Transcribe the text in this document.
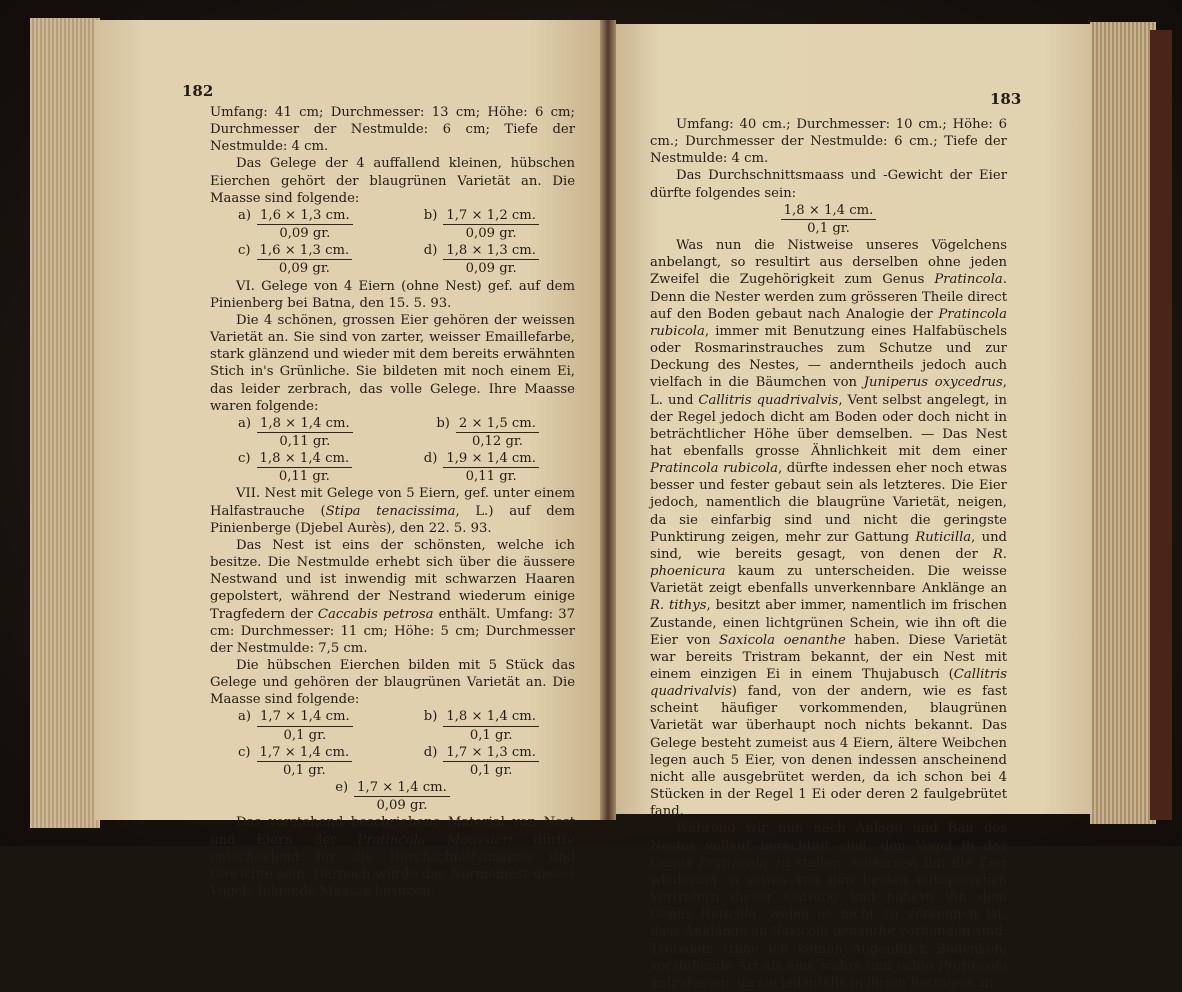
182	183

Umfang: 41 cm; Durchmesser: 13 cm; Höhe: 6 cm; Durchmesser der Nestmulde: 6 cm; Tiefe der Nestmulde: 4 cm.

Das Gelege der 4 auffallend kleinen, hübschen Eierchen gehört der blaugrünen Varietät an. Die Maasse sind folgende:

$a) \frac{1,6 \times 1,3 cm.}{0,09 gr.}$	$b) \frac{1,7 \times 1,2 cm.}{0,09 gr.}$
$c) \frac{1,6 \times 1,3 cm.}{0,09 gr.}$	$d) \frac{1,8 \times 1,3 cm.}{0,09 gr.}$

VI. Gelege von 4 Eiern (ohne Nest) gef. auf dem Pinienberg bei Batna, den 15. 5. 93.

Die 4 schönen, grossen Eier gehören der weissen Varietät an. Sie sind von zarter, weisser Emaillefarbe, stark glänzend und wieder mit dem bereits erwähnten Stich in's Grünliche. Sie bildeten mit noch einem Ei, das leider zerbrach, das volle Gelege. Ihre Maasse waren folgende:

$a) \frac{1,8 \times 1,4 cm.}{0,11 gr.}$	$b) \frac{2 \times 1,5 cm.}{0,12 gr.}$
$c) \frac{1,8 \times 1,4 cm.}{0,11 gr.}$	$d) \frac{1,9 \times 1,4 cm.}{0,11 gr.}$

VII. Nest mit Gelege von 5 Eiern, gef. unter einem Halfastrauche (Stipa tenacissima, L.) auf dem Pinienberge (Djebel Aurès), den 22. 5. 93.

Das Nest ist eins der schönsten, welche ich besitze. Die Nestmulde erhebt sich über die äussere Nestwand und ist inwendig mit schwarzen Haaren gepolstert, während der Nestrand wiederum einige Tragfedern der Caccabis petrosa enthält. Umfang: 37 cm: Durchmesser: 11 cm; Höhe: 5 cm; Durchmesser der Nestmulde: 7,5 cm.

Die hübschen Eierchen bilden mit 5 Stück das Gelege und gehören der blaugrünen Varietät an. Die Maasse sind folgende:

$a) \frac{1,7 \times 1,4 cm.}{0,1 gr.}$	$b) \frac{1,8 \times 1,4 cm.}{0,1 gr.}$
$c) \frac{1,7 \times 1,4 cm.}{0,1 gr.}$	$d) \frac{1,7 \times 1,3 cm.}{0,1 gr.}$
$e) \frac{1,7 \times 1,4 cm.}{0,09 gr.}$

Das vorstehend beschriebene Material von Nest und Eiern der Pratincola Moussieri dürfte entscheidend für die Durchschnittsmaasse und Gewichte sein. Darnach würde das Normalnest dieses Vogels folgende Maasse besitzen:

Umfang: 40 cm.; Durchmesser: 10 cm.; Höhe: 6 cm.; Durchmesser der Nestmulde: 6 cm.; Tiefe der Nestmulde: 4 cm.

Das Durchschnittsmaass und -Gewicht der Eier dürfte folgendes sein:

$\frac{1,8 \times 1,4 cm.}{0,1 gr.}$

Was nun die Nistweise unseres Vögelchens anbelangt, so resultirt aus derselben ohne jeden Zweifel die Zugehörigkeit zum Genus Pratincola. Denn die Nester werden zum grösseren Theile direct auf den Boden gebaut nach Analogie der Pratincola rubicola, immer mit Benutzung eines Halfabüschels oder Rosmarinstrauches zum Schutze und zur Deckung des Nestes, — anderntheils jedoch auch vielfach in die Bäumchen von Juniperus oxycedrus, L. und Callitris quadrivalvis, Vent selbst angelegt, in der Regel jedoch dicht am Boden oder doch nicht in beträchtlicher Höhe über demselben. — Das Nest hat ebenfalls grosse Ähnlichkeit mit dem einer Pratincola rubicola, dürfte indessen eher noch etwas besser und fester gebaut sein als letzteres. Die Eier jedoch, namentlich die blaugrüne Varietät, neigen, da sie einfarbig sind und nicht die geringste Punktirung zeigen, mehr zur Gattung Ruticilla, und sind, wie bereits gesagt, von denen der R. phoenicura kaum zu unterscheiden. Die weisse Varietät zeigt ebenfalls unverkennbare Anklänge an R. tithys, besitzt aber immer, namentlich im frischen Zustande, einen lichtgrünen Schein, wie ihn oft die Eier von Saxicola oenanthe haben. Diese Varietät war bereits Tristram bekannt, der ein Nest mit einem einzigen Ei in einem Thujabusch (Callitris quadrivalvis) fand, von der andern, wie es fast scheint häufiger vorkommenden, blaugrünen Varietät war überhaupt noch nichts bekannt. Das Gelege besteht zumeist aus 4 Eiern, ältere Weibchen legen auch 5 Eier, von denen indessen anscheinend nicht alle ausgebrütet werden, da ich schon bei 4 Stücken in der Regel 1 Ei oder deren 2 faulgebrütet fand.

Während wir nun nach Anlage und Bau des Nestes vollauf berechtigt sind, den Vogel in das Genus Pratincola zu stellen, entfernen ihn die Eier wiederum in etwas von den beiden europäischen Vertretern dieser Gattung und nähern ihn dem Genus Ruticilla, wobei es nicht zu verkennen ist, dass Anklänge an Saxicola oenanthe vorhanden sind. Trotzdem trage ich keinen Augenblick Bedenken, vorstehende Art als eine wahre und echte Pratincola aufzufassen, da sie jedenfalls in ihrem Betragen, in
